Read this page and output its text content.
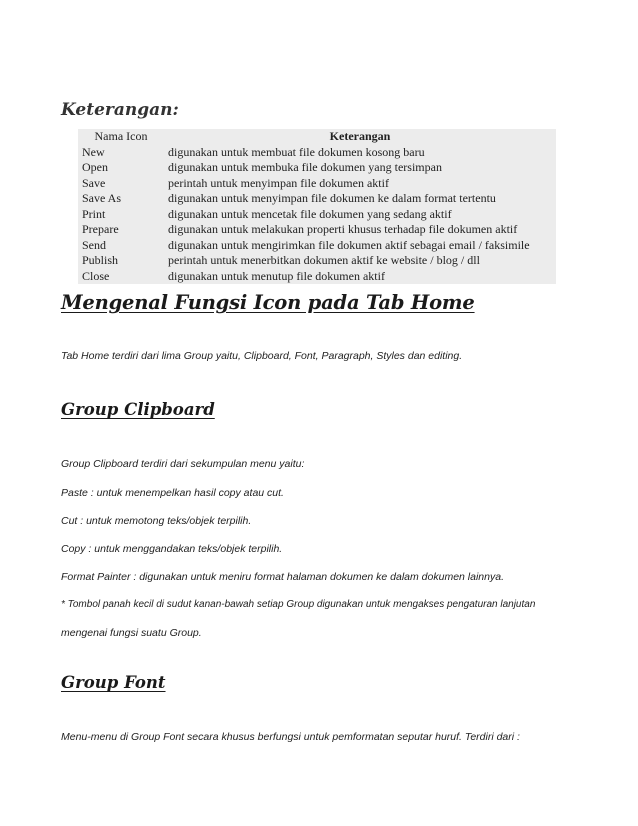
Keterangan:
Nama Icon	Keterangan
New	digunakan untuk membuat file dokumen kosong baru
Open	digunakan untuk membuka file dokumen yang tersimpan
Save	perintah untuk menyimpan file dokumen aktif
Save As	digunakan untuk menyimpan file dokumen ke dalam format tertentu
Print	digunakan untuk mencetak file dokumen yang sedang aktif
Prepare	digunakan untuk melakukan properti khusus terhadap file dokumen aktif
Send	digunakan untuk mengirimkan file dokumen aktif sebagai email / faksimile
Publish	perintah untuk menerbitkan dokumen aktif ke website / blog / dll
Close	digunakan untuk menutup file dokumen aktif
Mengenal Fungsi Icon pada Tab Home

Tab Home terdiri dari lima Group yaitu, Clipboard, Font, Paragraph, Styles dan editing.

Group Clipboard

Group Clipboard terdiri dari sekumpulan menu yaitu:

Paste : untuk menempelkan hasil copy atau cut.

Cut : untuk memotong teks/objek terpilih.

Copy : untuk menggandakan teks/objek terpilih.

Format Painter : digunakan untuk meniru format halaman dokumen ke dalam dokumen lainnya.

* Tombol panah kecil di sudut kanan-bawah setiap Group digunakan untuk mengakses pengaturan lanjutan

mengenai fungsi suatu Group.

Group Font

Menu-menu di Group Font secara khusus berfungsi untuk pemformatan seputar huruf. Terdiri dari :
